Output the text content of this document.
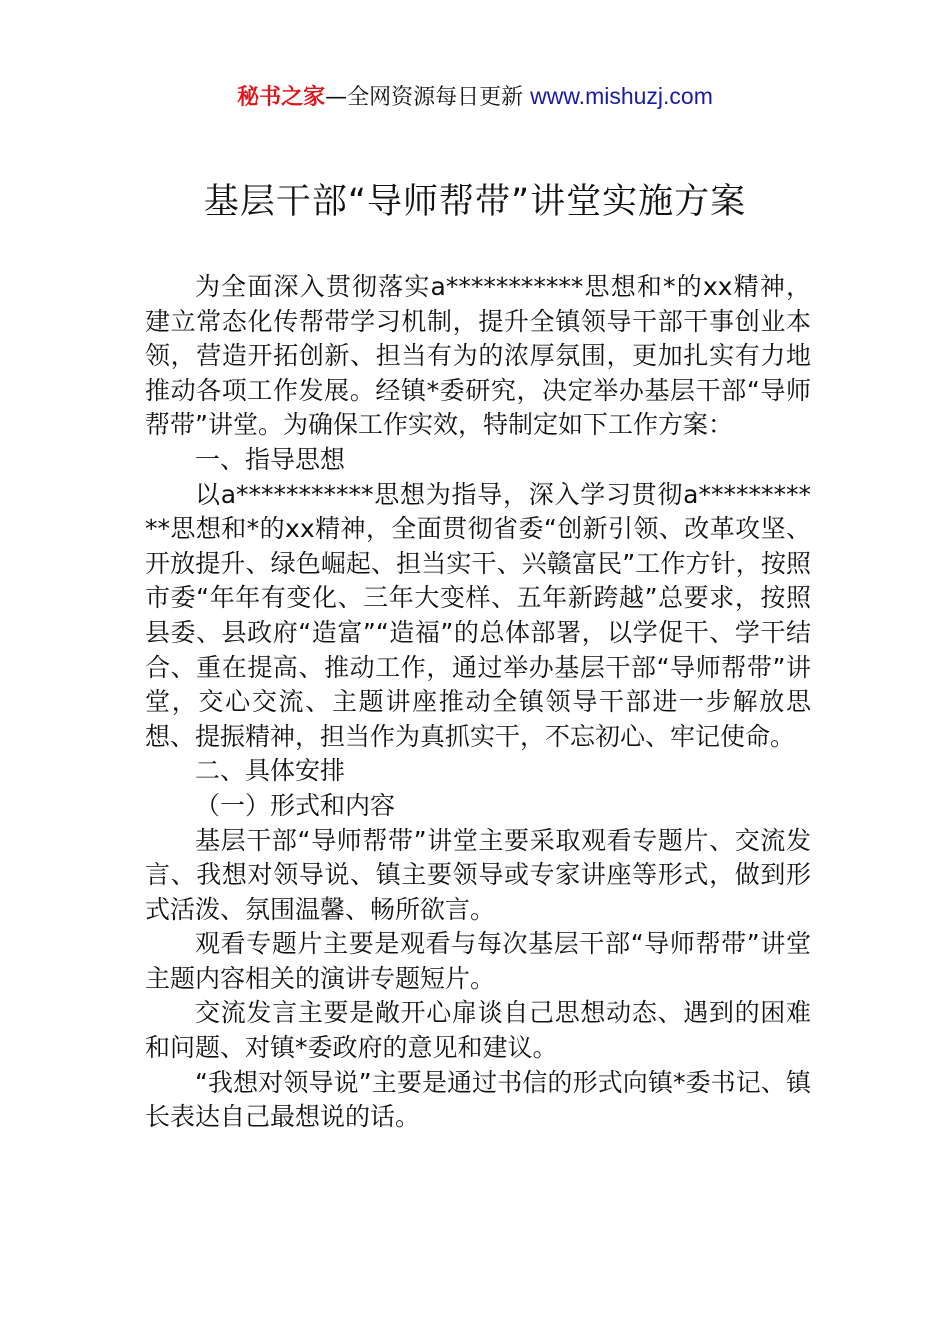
秘书之家—全网资源每日更新 www.mishuzj.com
基层干部“导师帮带”讲堂实施方案

为全面深入贯彻落实a***********思想和*的xx精神，建立常态化传帮带学习机制，提升全镇领导干部干事创业本领，营造开拓创新、担当有为的浓厚氛围，更加扎实有力地推动各项工作发展。经镇*委研究，决定举办基层干部“导师帮带”讲堂。为确保工作实效，特制定如下工作方案：

一、指导思想

以a***********思想为指导，深入学习贯彻a***********思想和*的xx精神，全面贯彻省委“创新引领、改革攻坚、开放提升、绿色崛起、担当实干、兴赣富民”工作方针，按照市委“年年有变化、三年大变样、五年新跨越”总要求，按照县委、县政府“造富”“造福”的总体部署，以学促干、学干结合、重在提高、推动工作，通过举办基层干部“导师帮带”讲堂，交心交流、主题讲座推动全镇领导干部进一步解放思想、提振精神，担当作为真抓实干，不忘初心、牢记使命。

二、具体安排

（一）形式和内容

基层干部“导师帮带”讲堂主要采取观看专题片、交流发言、我想对领导说、镇主要领导或专家讲座等形式，做到形式活泼、氛围温馨、畅所欲言。

观看专题片主要是观看与每次基层干部“导师帮带”讲堂主题内容相关的演讲专题短片。

交流发言主要是敞开心扉谈自己思想动态、遇到的困难和问题、对镇*委政府的意见和建议。

“我想对领导说”主要是通过书信的形式向镇*委书记、镇长表达自己最想说的话。
